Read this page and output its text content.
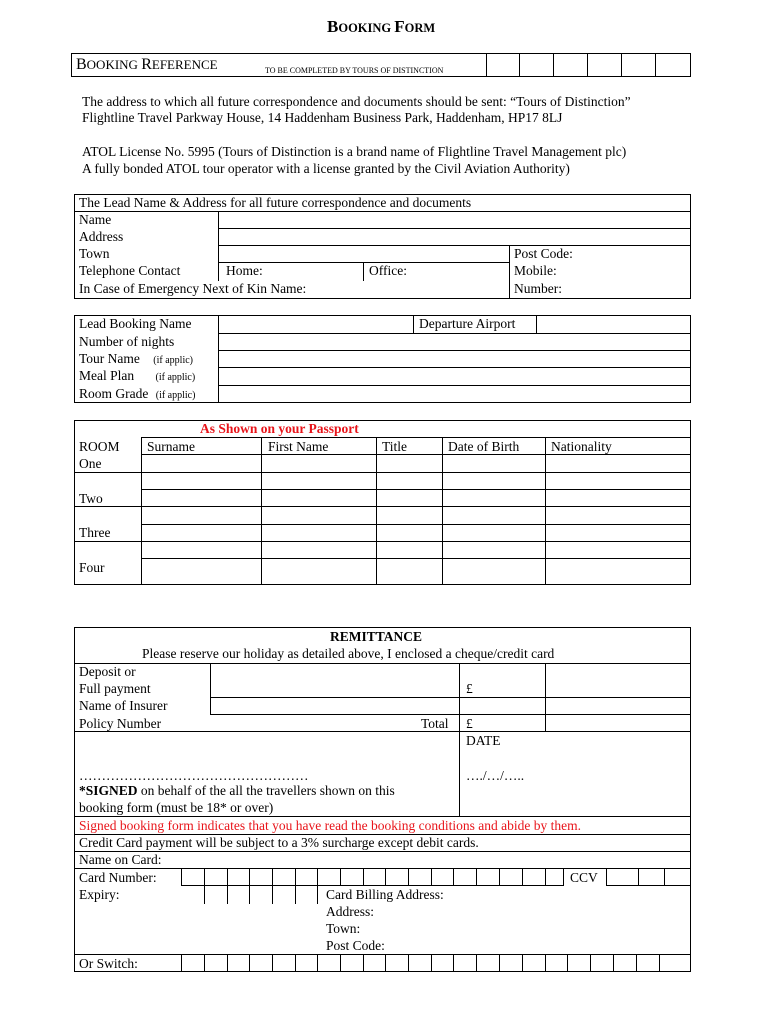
BOOKING FORM
BOOKING REFERENCE	TO BE COMPLETED BY TOURS OF DISTINCTION
The address to which all future correspondence and documents should be sent: “Tours of Distinction”
Flightline Travel Parkway House, 14 Haddenham Business Park, Haddenham, HP17 8LJ
ATOL License No. 5995 (Tours of Distinction is a brand name of Flightline Travel Management plc)
A fully bonded ATOL tour operator with a license granted by the Civil Aviation Authority)
The Lead Name & Address for all future correspondence and documents
Name
Address
Town	Post Code:
Telephone Contact	Home:	Office:	Mobile:
In Case of Emergency Next of Kin Name:	Number:
Lead Booking Name	Departure Airport
Number of nights
Tour Name (if applic)
Meal Plan (if applic)
Room Grade (if applic)
As Shown on your Passport
ROOM Surname	First Name	Title	Date of Birth Nationality
One
Two
Three
Four
REMITTANCE
Please reserve our holiday as detailed above, I enclosed a cheque/credit card
Deposit or
Full payment	£
Name of Insurer
Policy Number	Total £
DATE
……………………………………………	…./…/…..
*SIGNED on behalf of the all the travellers shown on this
booking form (must be 18* or over)
Signed booking form indicates that you have read the booking conditions and abide by them.
Credit Card payment will be subject to a 3% surcharge except debit cards.
Name on Card:
Card Number:	CCV
Expiry:	Card Billing Address:
Address:
Town:
Post Code:
Or Switch:
